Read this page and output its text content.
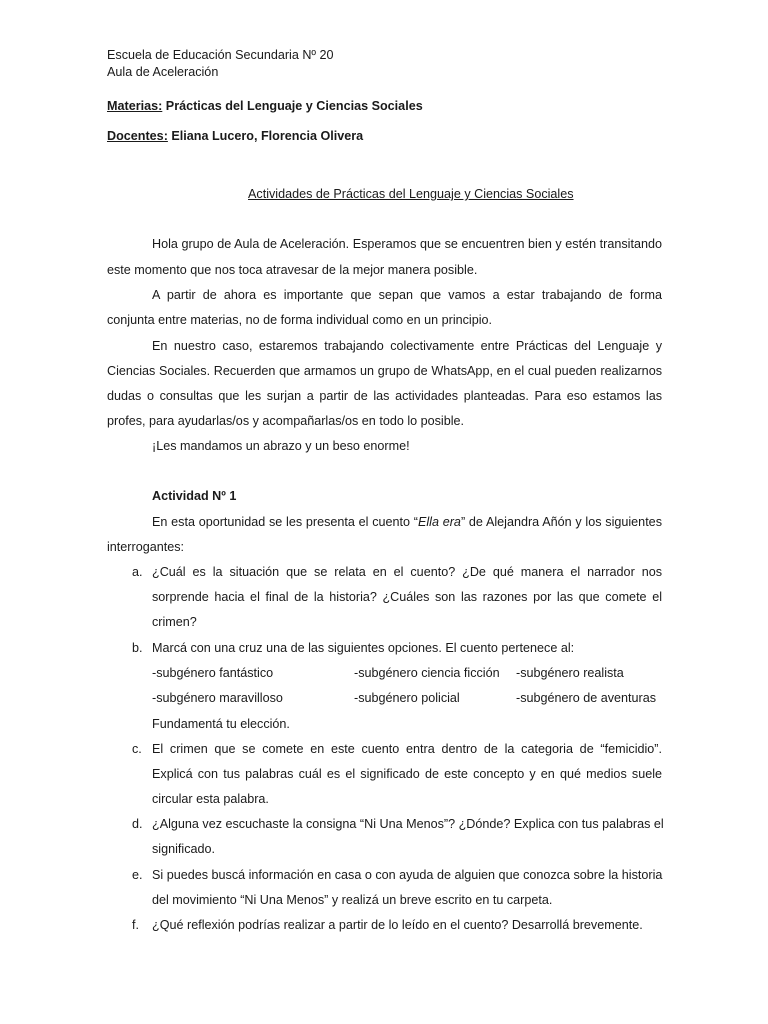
Escuela de Educación Secundaria Nº 20
Aula de Aceleración
Materias: Prácticas del Lenguaje y Ciencias Sociales
Docentes: Eliana Lucero, Florencia Olivera
Actividades de Prácticas del Lenguaje y Ciencias Sociales
Hola grupo de Aula de Aceleración. Esperamos que se encuentren bien y estén transitando
este momento que nos toca atravesar de la mejor manera posible.
A partir de ahora es importante que sepan que vamos a estar trabajando de forma
conjunta entre materias, no de forma individual como en un principio.
En nuestro caso, estaremos trabajando colectivamente entre Prácticas del Lenguaje y
Ciencias Sociales. Recuerden que armamos un grupo de WhatsApp, en el cual pueden realizarnos
dudas o consultas que les surjan a partir de las actividades planteadas. Para eso estamos las
profes, para ayudarlas/os y acompañarlas/os en todo lo posible.
¡Les mandamos un abrazo y un beso enorme!
Actividad Nº 1
En esta oportunidad se les presenta el cuento “Ella era” de Alejandra Añón y los siguientes
interrogantes:
a. ¿Cuál es la situación que se relata en el cuento? ¿De qué manera el narrador nos
sorprende hacia el final de la historia? ¿Cuáles son las razones por las que comete el
crimen?
b. Marcá con una cruz una de las siguientes opciones. El cuento pertenece al:
-subgénero fantástico	-subgénero ciencia ficción -subgénero realista
-subgénero maravilloso	-subgénero policial	-subgénero de aventuras
Fundamentá tu elección.
c. El crimen que se comete en este cuento entra dentro de la categoria de “femicidio”.
Explicá con tus palabras cuál es el significado de este concepto y en qué medios suele
circular esta palabra.
d. ¿Alguna vez escuchaste la consigna “Ni Una Menos”? ¿Dónde? Explica con tus palabras el
significado.
e. Si puedes buscá información en casa o con ayuda de alguien que conozca sobre la historia
del movimiento “Ni Una Menos” y realizá un breve escrito en tu carpeta.
f. ¿Qué reflexión podrías realizar a partir de lo leído en el cuento? Desarrollá brevemente.
